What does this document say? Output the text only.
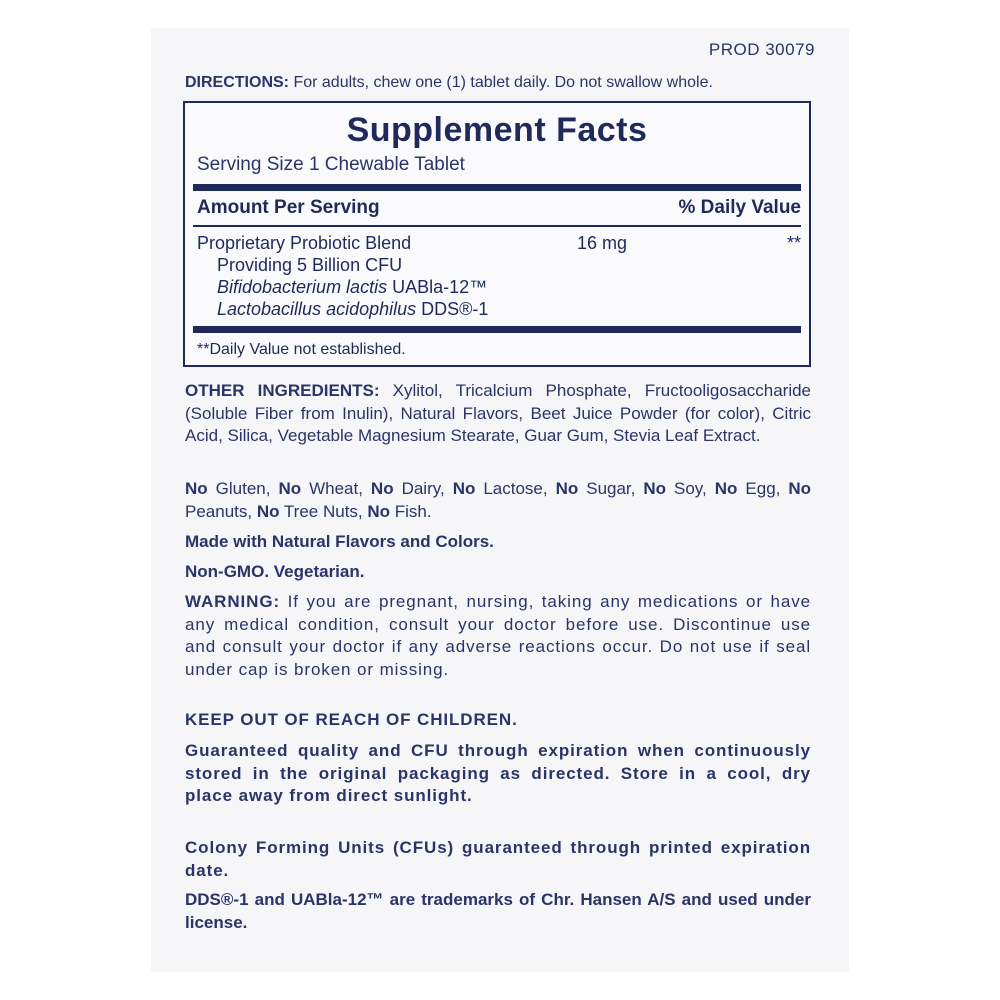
PROD 30079
DIRECTIONS: For adults, chew one (1) tablet daily. Do not swallow whole.
Supplement Facts
Serving Size 1 Chewable Tablet
Amount Per Serving	% Daily Value
Proprietary Probiotic Blend	16 mg	**
Providing 5 Billion CFU
Bifidobacterium lactis UABla-12™
Lactobacillus acidophilus DDS®-1
**Daily Value not established.
OTHER INGREDIENTS: Xylitol, Tricalcium Phosphate, Fructooligosaccharide (Soluble Fiber from Inulin), Natural Flavors, Beet Juice Powder (for color), Citric Acid, Silica, Vegetable Magnesium Stearate, Guar Gum, Stevia Leaf Extract.
No Gluten, No Wheat, No Dairy, No Lactose, No Sugar, No Soy, No Egg, No Peanuts, No Tree Nuts, No Fish.
Made with Natural Flavors and Colors.
Non-GMO. Vegetarian.
WARNING: If you are pregnant, nursing, taking any medications or have any medical condition, consult your doctor before use. Discontinue use and consult your doctor if any adverse reactions occur. Do not use if seal under cap is broken or missing.
KEEP OUT OF REACH OF CHILDREN.
Guaranteed quality and CFU through expiration when continuously stored in the original packaging as directed. Store in a cool, dry place away from direct sunlight.
Colony Forming Units (CFUs) guaranteed through printed expiration date.
DDS®-1 and UABla-12™ are trademarks of Chr. Hansen A/S and used under license.
